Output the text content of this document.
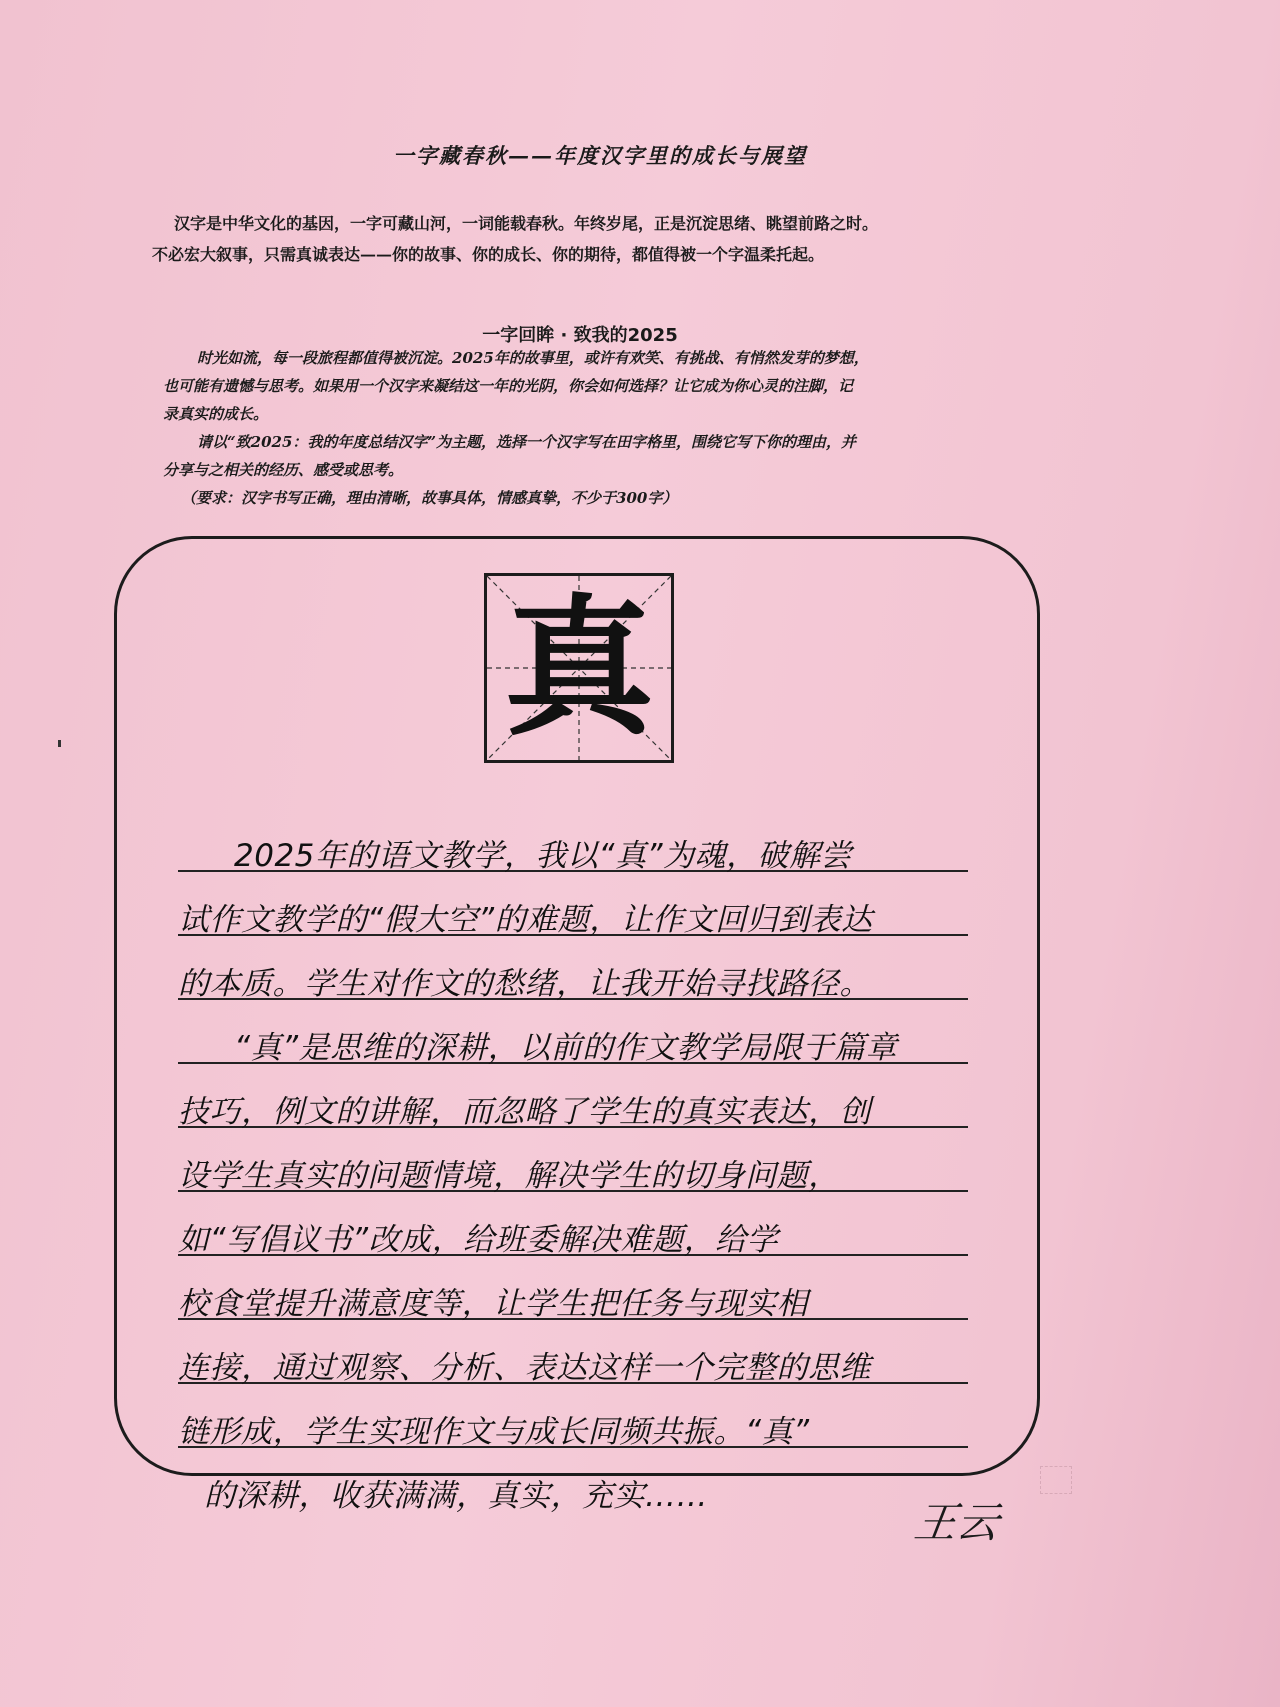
一字藏春秋——年度汉字里的成长与展望

汉字是中华文化的基因，一字可藏山河，一词能载春秋。年终岁尾，正是沉淀思绪、眺望前路之时。

不必宏大叙事，只需真诚表达——你的故事、你的成长、你的期待，都值得被一个字温柔托起。

一字回眸 · 致我的2025

时光如流，每一段旅程都值得被沉淀。2025年的故事里，或许有欢笑、有挑战、有悄然发芽的梦想，

也可能有遗憾与思考。如果用一个汉字来凝结这一年的光阴，你会如何选择？让它成为你心灵的注脚，记

录真实的成长。

请以“致2025：我的年度总结汉字”为主题，选择一个汉字写在田字格里，围绕它写下你的理由，并

分享与之相关的经历、感受或思考。

（要求：汉字书写正确，理由清晰，故事具体，情感真挚，不少于300字）

真
2025年的语文教学，我以“真”为魂，破解尝
试作文教学的“假大空”的难题，让作文回归到表达
的本质。学生对作文的愁绪，让我开始寻找路径。
“真”是思维的深耕，以前的作文教学局限于篇章
技巧，例文的讲解，而忽略了学生的真实表达，创
设学生真实的问题情境，解决学生的切身问题，
如“写倡议书”改成，给班委解决难题，给学
校食堂提升满意度等，让学生把任务与现实相
连接，通过观察、分析、表达这样一个完整的思维
链形成，学生实现作文与成长同频共振。“真”
的深耕，收获满满，真实，充实……
王云
